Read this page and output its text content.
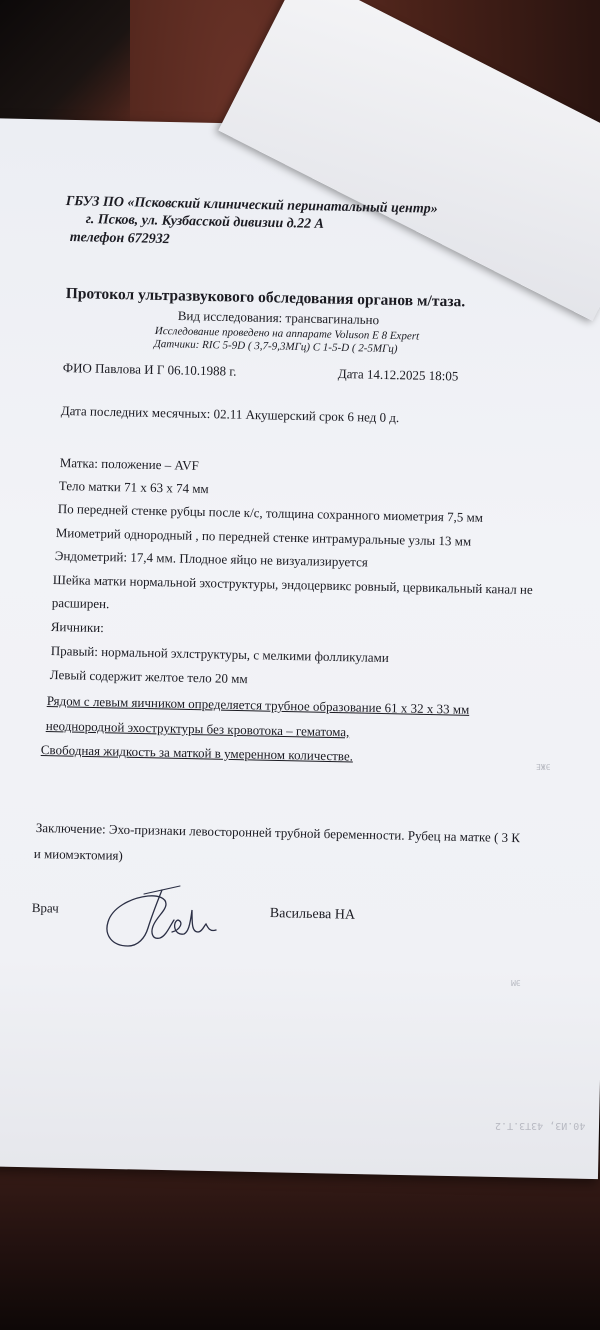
ГБУЗ ПО «Псковский клинический перинатальный центр»
г. Псков, ул. Кузбасской дивизии д.22 А
телефон 672932
Протокол ультразвукового обследования органов м/таза.
Вид исследования: трансвагинально
Исследование проведено на аппарате Voluson E 8 Expert
Датчики: RIC 5-9D ( 3,7-9,3МГц) C 1-5-D ( 2-5МГц)
ФИО Павлова И Г 06.10.1988 г.	Дата 14.12.2025 18:05
Дата последних месячных: 02.11 Акушерский срок 6 нед 0 д.
Матка: положение – AVF
Тело матки 71 х 63 х 74 мм
По передней стенке рубцы после к/с, толщина сохранного миометрия 7,5 мм
Миометрий однородный , по передней стенке интрамуральные узлы 13 мм
Эндометрий: 17,4 мм. Плодное яйцо не визуализируется
Шейка матки нормальной эхоструктуры, эндоцервикс ровный, цервикальный канал не
расширен.
Яичники:
Правый: нормальной эхлструктуры, с мелкими фолликулами
Левый содержит желтое тело 20 мм
Рядом с левым яичником определяется трубное образование 61 х 32 х 33 мм
неоднородной эхоструктуры без кровотока – гематома,
Свободная жидкость за маткой в умеренном количестве.
Заключение: Эхо-признаки левосторонней трубной беременности. Рубец на матке ( 3 К
и миомэктомия)
Врач	Васильева НА
40.ИЗ, 43ТЗ.Т.2
ЭЖЕ
ЭМ
